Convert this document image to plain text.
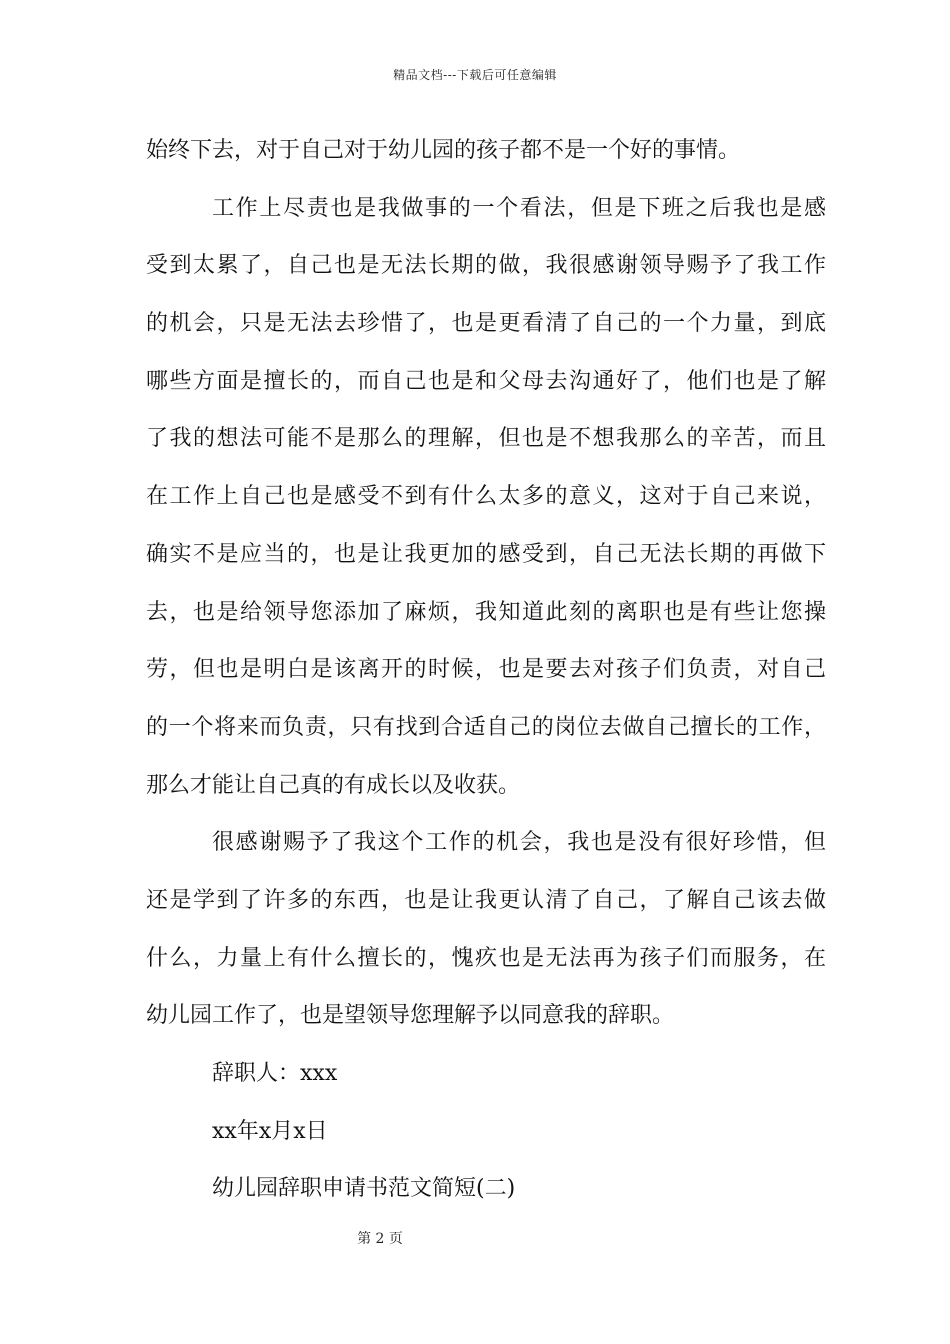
精品文档---下载后可任意编辑
始终下去，对于自己对于幼儿园的孩子都不是一个好的事情。
工作上尽责也是我做事的一个看法，但是下班之后我也是感
受到太累了，自己也是无法长期的做，我很感谢领导赐予了我工作
的机会，只是无法去珍惜了，也是更看清了自己的一个力量，到底
哪些方面是擅长的，而自己也是和父母去沟通好了，他们也是了解
了我的想法可能不是那么的理解，但也是不想我那么的辛苦，而且
在工作上自己也是感受不到有什么太多的意义，这对于自己来说，
确实不是应当的，也是让我更加的感受到，自己无法长期的再做下
去，也是给领导您添加了麻烦，我知道此刻的离职也是有些让您操
劳，但也是明白是该离开的时候，也是要去对孩子们负责，对自己
的一个将来而负责，只有找到合适自己的岗位去做自己擅长的工作，
那么才能让自己真的有成长以及收获。
很感谢赐予了我这个工作的机会，我也是没有很好珍惜，但
还是学到了许多的东西，也是让我更认清了自己，了解自己该去做
什么，力量上有什么擅长的，愧疚也是无法再为孩子们而服务，在
幼儿园工作了，也是望领导您理解予以同意我的辞职。
辞职人：xxx
xx年x月x日
幼儿园辞职申请书范文简短(二)
第 2 页
